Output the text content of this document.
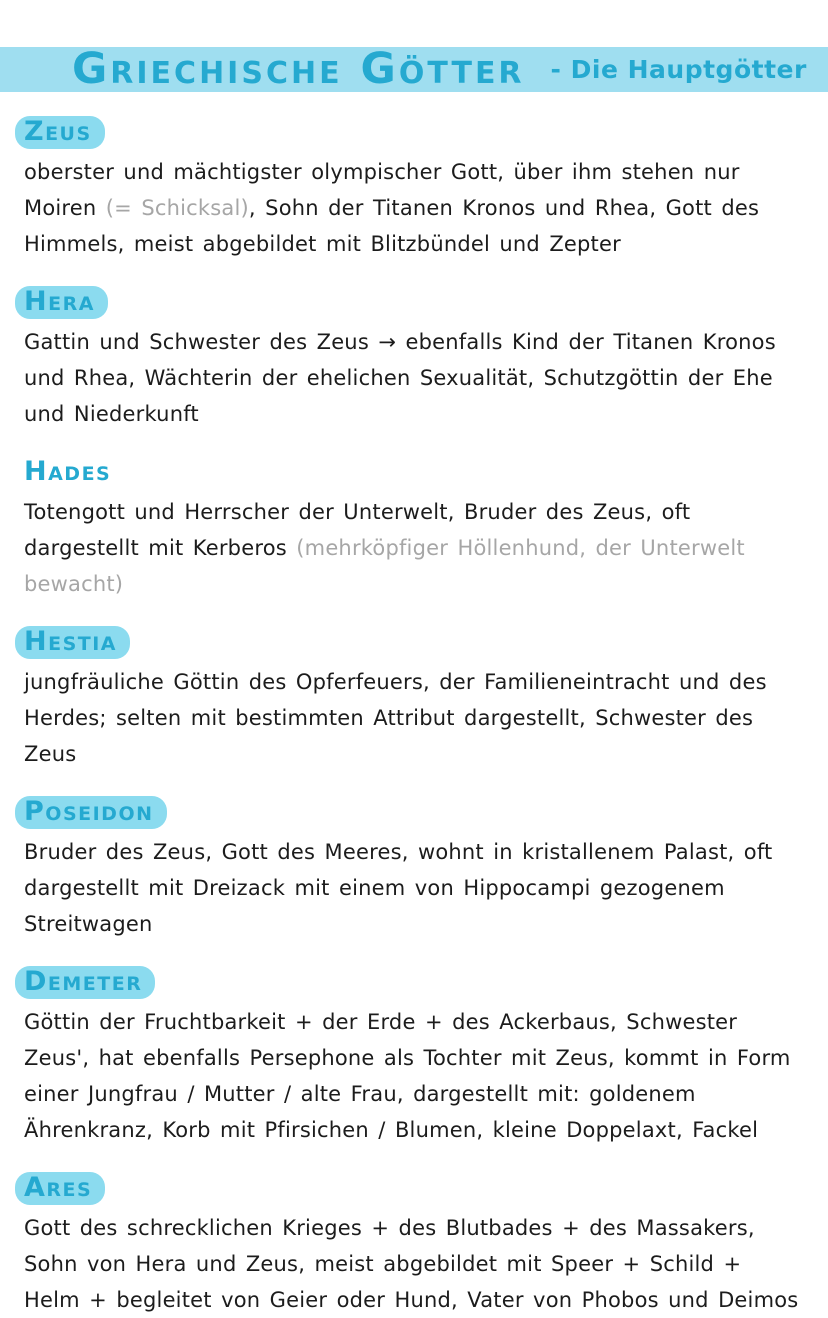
Griechische Götter - Die Hauptgötter
Zeus

oberster und mächtigster olympischer Gott, über ihm stehen nur Moiren (= Schicksal), Sohn der Titanen Kronos und Rhea, Gott des Himmels, meist abgebildet mit Blitzbündel und Zepter

Hera

Gattin und Schwester des Zeus → ebenfalls Kind der Titanen Kronos und Rhea, Wächterin der ehelichen Sexualität, Schutzgöttin der Ehe und Niederkunft

Hades

Totengott und Herrscher der Unterwelt, Bruder des Zeus, oft dargestellt mit Kerberos (mehrköpfiger Höllenhund, der Unterwelt bewacht)

Hestia

jungfräuliche Göttin des Opferfeuers, der Familieneintracht und des Herdes; selten mit bestimmten Attribut dargestellt, Schwester des Zeus

Poseidon

Bruder des Zeus, Gott des Meeres, wohnt in kristallenem Palast, oft dargestellt mit Dreizack mit einem von Hippocampi gezogenem Streitwagen

Demeter

Göttin der Fruchtbarkeit + der Erde + des Ackerbaus, Schwester Zeus', hat ebenfalls Persephone als Tochter mit Zeus, kommt in Form einer Jungfrau / Mutter / alte Frau, dargestellt mit: goldenem Ährenkranz, Korb mit Pfirsichen / Blumen, kleine Doppelaxt, Fackel

Ares

Gott des schrecklichen Krieges + des Blutbades + des Massakers, Sohn von Hera und Zeus, meist abgebildet mit Speer + Schild + Helm + begleitet von Geier oder Hund, Vater von Phobos und Deimos
